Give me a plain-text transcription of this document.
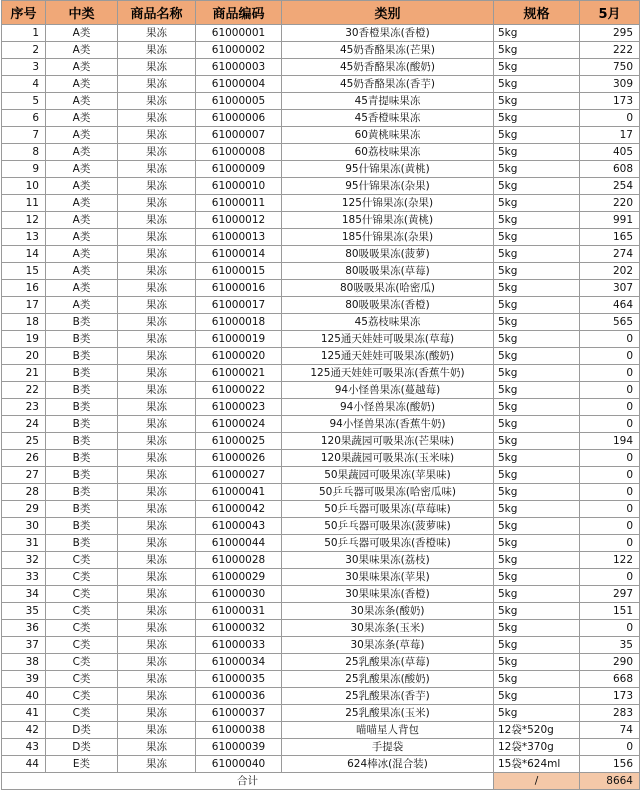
序号	中类	商品名称	商品编码	类别	规格	5月
1	A类	果冻	61000001	30香橙果冻(香橙)	5kg	295
2	A类	果冻	61000002	45奶香酪果冻(芒果)	5kg	222
3	A类	果冻	61000003	45奶香酪果冻(酸奶)	5kg	750
4	A类	果冻	61000004	45奶香酪果冻(香芋)	5kg	309
5	A类	果冻	61000005	45青提味果冻	5kg	173
6	A类	果冻	61000006	45香橙味果冻	5kg	0
7	A类	果冻	61000007	60黄桃味果冻	5kg	17
8	A类	果冻	61000008	60荔枝味果冻	5kg	405
9	A类	果冻	61000009	95什锦果冻(黄桃)	5kg	608
10	A类	果冻	61000010	95什锦果冻(杂果)	5kg	254
11	A类	果冻	61000011	125什锦果冻(杂果)	5kg	220
12	A类	果冻	61000012	185什锦果冻(黄桃)	5kg	991
13	A类	果冻	61000013	185什锦果冻(杂果)	5kg	165
14	A类	果冻	61000014	80吸吸果冻(菠萝)	5kg	274
15	A类	果冻	61000015	80吸吸果冻(草莓)	5kg	202
16	A类	果冻	61000016	80吸吸果冻(哈密瓜)	5kg	307
17	A类	果冻	61000017	80吸吸果冻(香橙)	5kg	464
18	B类	果冻	61000018	45荔枝味果冻	5kg	565
19	B类	果冻	61000019	125通天娃娃可吸果冻(草莓)	5kg	0
20	B类	果冻	61000020	125通天娃娃可吸果冻(酸奶)	5kg	0
21	B类	果冻	61000021	125通天娃娃可吸果冻(香蕉牛奶)	5kg	0
22	B类	果冻	61000022	94小怪兽果冻(蔓越莓)	5kg	0
23	B类	果冻	61000023	94小怪兽果冻(酸奶)	5kg	0
24	B类	果冻	61000024	94小怪兽果冻(香蕉牛奶)	5kg	0
25	B类	果冻	61000025	120果蔬园可吸果冻(芒果味)	5kg	194
26	B类	果冻	61000026	120果蔬园可吸果冻(玉米味)	5kg	0
27	B类	果冻	61000027	50果蔬园可吸果冻(苹果味)	5kg	0
28	B类	果冻	61000041	50乒乓器可吸果冻(哈密瓜味)	5kg	0
29	B类	果冻	61000042	50乒乓器可吸果冻(草莓味)	5kg	0
30	B类	果冻	61000043	50乒乓器可吸果冻(菠萝味)	5kg	0
31	B类	果冻	61000044	50乒乓器可吸果冻(香橙味)	5kg	0
32	C类	果冻	61000028	30果味果冻(荔枝)	5kg	122
33	C类	果冻	61000029	30果味果冻(苹果)	5kg	0
34	C类	果冻	61000030	30果味果冻(香橙)	5kg	297
35	C类	果冻	61000031	30果冻条(酸奶)	5kg	151
36	C类	果冻	61000032	30果冻条(玉米)	5kg	0
37	C类	果冻	61000033	30果冻条(草莓)	5kg	35
38	C类	果冻	61000034	25乳酸果冻(草莓)	5kg	290
39	C类	果冻	61000035	25乳酸果冻(酸奶)	5kg	668
40	C类	果冻	61000036	25乳酸果冻(香芋)	5kg	173
41	C类	果冻	61000037	25乳酸果冻(玉米)	5kg	283
42	D类	果冻	61000038	喵喵星人背包	12袋*520g	74
43	D类	果冻	61000039	手提袋	12袋*370g	0
44	E类	果冻	61000040	624棒冰(混合装)	15袋*624ml	156
合计					/	8664
